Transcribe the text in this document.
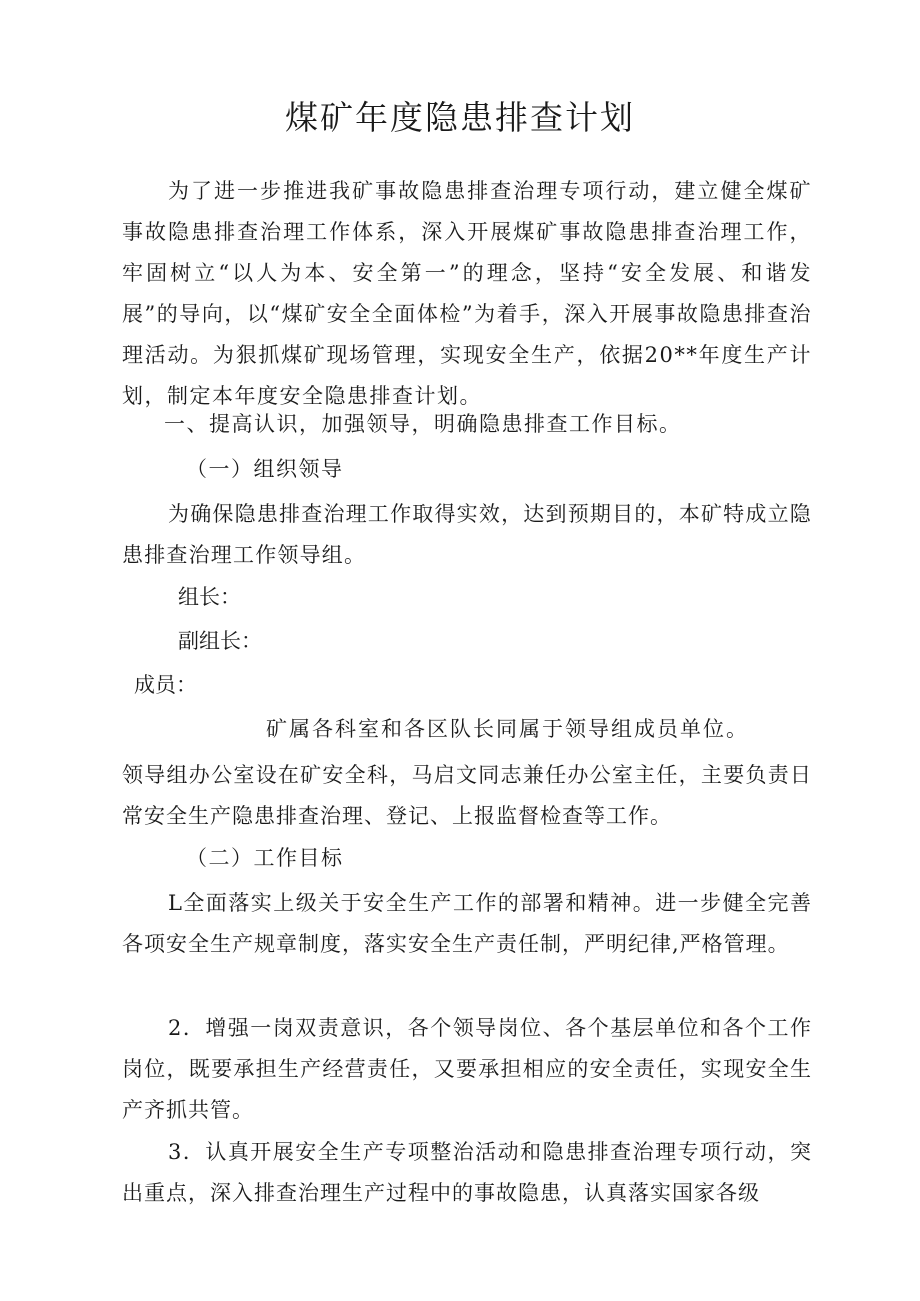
煤矿年度隐患排查计划

为了进一步推进我矿事故隐患排查治理专项行动，建立健全煤矿事故隐患排查治理工作体系，深入开展煤矿事故隐患排查治理工作，牢固树立“以人为本、安全第一”的理念，坚持“安全发展、和谐发展”的导向，以“煤矿安全全面体检”为着手，深入开展事故隐患排查治理活动。为狠抓煤矿现场管理，实现安全生产，依据20**年度生产计划，制定本年度安全隐患排查计划。

一、提高认识，加强领导，明确隐患排查工作目标。

（一）组织领导

为确保隐患排查治理工作取得实效，达到预期目的，本矿特成立隐患排查治理工作领导组。

组长：

副组长：

成员：

矿属各科室和各区队长同属于领导组成员单位。

领导组办公室设在矿安全科，马启文同志兼任办公室主任，主要负责日常安全生产隐患排查治理、登记、上报监督检查等工作。

（二）工作目标

L全面落实上级关于安全生产工作的部署和精神。进一步健全完善各项安全生产规章制度，落实安全生产责任制，严明纪律,严格管理。

2．增强一岗双责意识，各个领导岗位、各个基层单位和各个工作岗位，既要承担生产经营责任，又要承担相应的安全责任，实现安全生产齐抓共管。

3．认真开展安全生产专项整治活动和隐患排查治理专项行动，突出重点，深入排查治理生产过程中的事故隐患，认真落实国家各级
